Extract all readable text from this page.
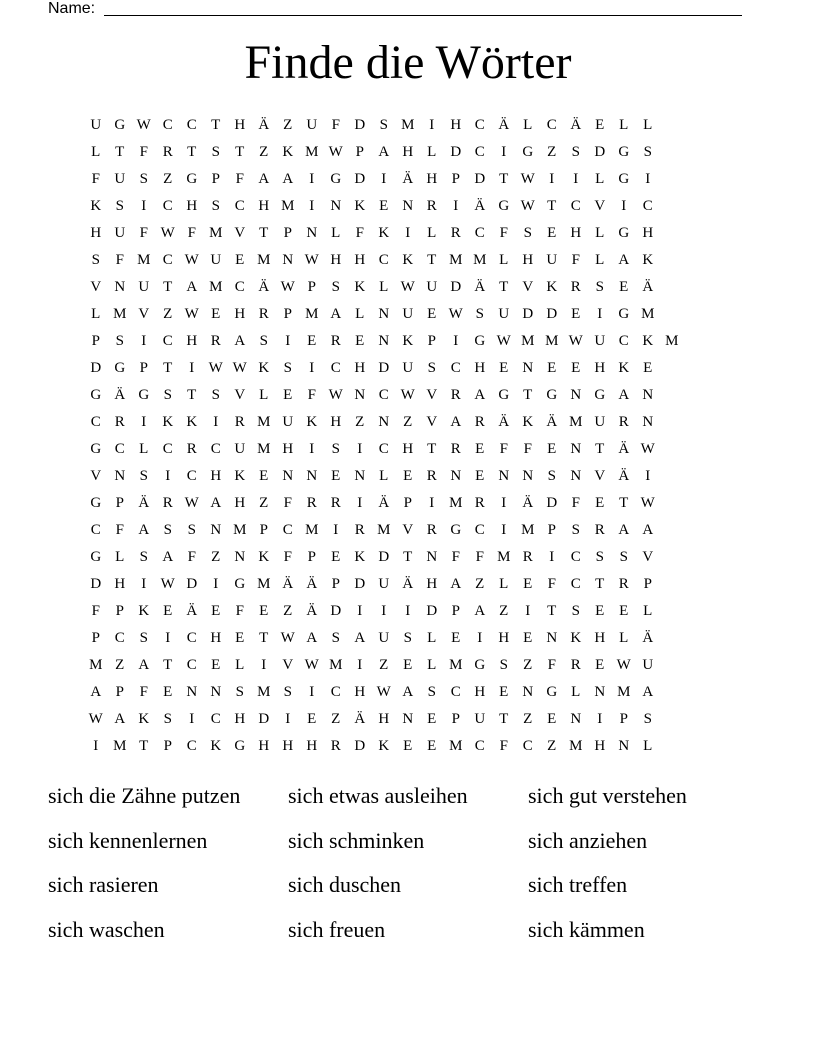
Name:
Finde die Wörter
U G W C C T H Ä Z U F D S M I	H C Ä L C Ä E L L
L T F R T S T Z K M W P A H L D C	I	G Z S D G S
F U S Z G P	F A A	I	G D	I	Ä H P D T W I	I	L G	I
K S	I	C H S C H M I	N K E N R	I	Ä G W T C V	I	C
H U F W F M V T P N L F K	I	L R C F	S E H L G H
S	F M C W U E M N W H H C K T M M L H U F L A K
V N U T A M C Ä W P	S K L W U D Ä T V K R S E Ä
L M V Z W E H R P M A L N U E W S U D D E	I	G M
P	S	I	C H R A S	I	E R E N K P	I	G W M M W U C K M
D G P T	I W W K S	I	C H D U S C H E N E E H K E
G Ä G S T S V L E F W N C W V R A G T G N G A N
C R	I	K K	I	R M U K H Z N Z V A R Ä K Ä M U R N
G C L C R C U M H	I	S	I	C H T R E F	F E N T Ä W
V N S	I	C H K E N N E N L E R N E N N S N V Ä	I
G P Ä R W A H Z F R R	I	Ä P	I M R	I	Ä D F E T W
C F A S	S N M P C M I	R M V R G C	I M P	S R A A
G L S A F Z N K F	P E K D T N F	F M R	I	C S	S V
D H	I W D	I	G M Ä Ä P D U Ä H A Z L E F C T R P
F	P K E Ä E F E Z Ä D	I	I	I	D P A Z	I	T S E E L
P C S	I	C H E T W A S A U S L E	I	H E N K H L Ä
M Z A T C E L	I	V W M I	Z E L M G S Z F R E W U
A P	F E N N S M S	I	C H W A S C H E N G L N M A
W A K S	I	C H D	I	E Z Ä H N E P U T Z E N	I	P	S
I M T P C K G H H H R D K E E M C F C Z M H N L
sich die Zähne putzen	sich etwas ausleihen	sich gut verstehen
sich kennenlernen	sich schminken	sich anziehen
sich rasieren	sich duschen	sich treffen
sich waschen	sich freuen	sich kämmen
